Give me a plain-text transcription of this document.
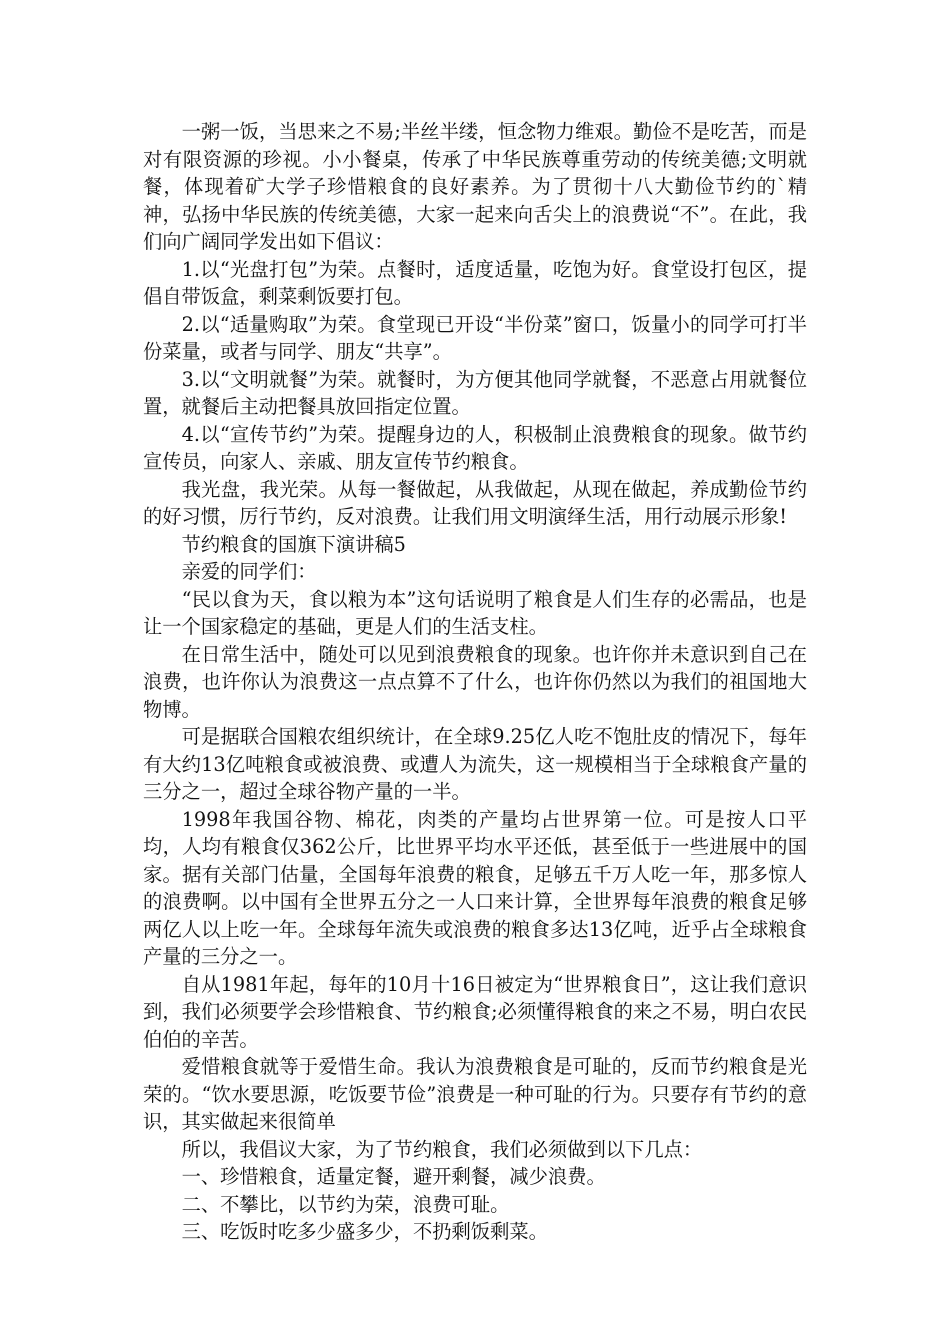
一粥一饭，当思来之不易;半丝半缕，恒念物力维艰。勤俭不是吃苦，而是对有限资源的珍视。小小餐桌，传承了中华民族尊重劳动的传统美德;文明就餐，体现着矿大学子珍惜粮食的良好素养。为了贯彻十八大勤俭节约的`精神，弘扬中华民族的传统美德，大家一起来向舌尖上的浪费说“不”。在此，我们向广阔同学发出如下倡议：

1.以“光盘打包”为荣。点餐时，适度适量，吃饱为好。食堂设打包区，提倡自带饭盒，剩菜剩饭要打包。

2.以“适量购取”为荣。食堂现已开设“半份菜”窗口，饭量小的同学可打半份菜量，或者与同学、朋友“共享”。

3.以“文明就餐”为荣。就餐时，为方便其他同学就餐，不恶意占用就餐位置，就餐后主动把餐具放回指定位置。

4.以“宣传节约”为荣。提醒身边的人，积极制止浪费粮食的现象。做节约宣传员，向家人、亲戚、朋友宣传节约粮食。

我光盘，我光荣。从每一餐做起，从我做起，从现在做起，养成勤俭节约的好习惯，厉行节约，反对浪费。让我们用文明演绎生活，用行动展示形象!

节约粮食的国旗下演讲稿5

亲爱的同学们：

“民以食为天，食以粮为本”这句话说明了粮食是人们生存的必需品，也是让一个国家稳定的基础，更是人们的生活支柱。

在日常生活中，随处可以见到浪费粮食的现象。也许你并未意识到自己在浪费，也许你认为浪费这一点点算不了什么，也许你仍然以为我们的祖国地大物博。

可是据联合国粮农组织统计，在全球9.25亿人吃不饱肚皮的情况下，每年有大约13亿吨粮食或被浪费、或遭人为流失，这一规模相当于全球粮食产量的三分之一，超过全球谷物产量的一半。

1998年我国谷物、棉花，肉类的产量均占世界第一位。可是按人口平均，人均有粮食仅362公斤，比世界平均水平还低，甚至低于一些进展中的国家。据有关部门估量，全国每年浪费的粮食，足够五千万人吃一年，那多惊人的浪费啊。以中国有全世界五分之一人口来计算，全世界每年浪费的粮食足够两亿人以上吃一年。全球每年流失或浪费的粮食多达13亿吨，近乎占全球粮食产量的三分之一。

自从1981年起，每年的10月十16日被定为“世界粮食日”，这让我们意识到，我们必须要学会珍惜粮食、节约粮食;必须懂得粮食的来之不易，明白农民伯伯的辛苦。

爱惜粮食就等于爱惜生命。我认为浪费粮食是可耻的，反而节约粮食是光荣的。“饮水要思源，吃饭要节俭”浪费是一种可耻的行为。只要存有节约的意识，其实做起来很简单

所以，我倡议大家，为了节约粮食，我们必须做到以下几点：

一、珍惜粮食，适量定餐，避开剩餐，减少浪费。

二、不攀比，以节约为荣，浪费可耻。

三、吃饭时吃多少盛多少，不扔剩饭剩菜。
